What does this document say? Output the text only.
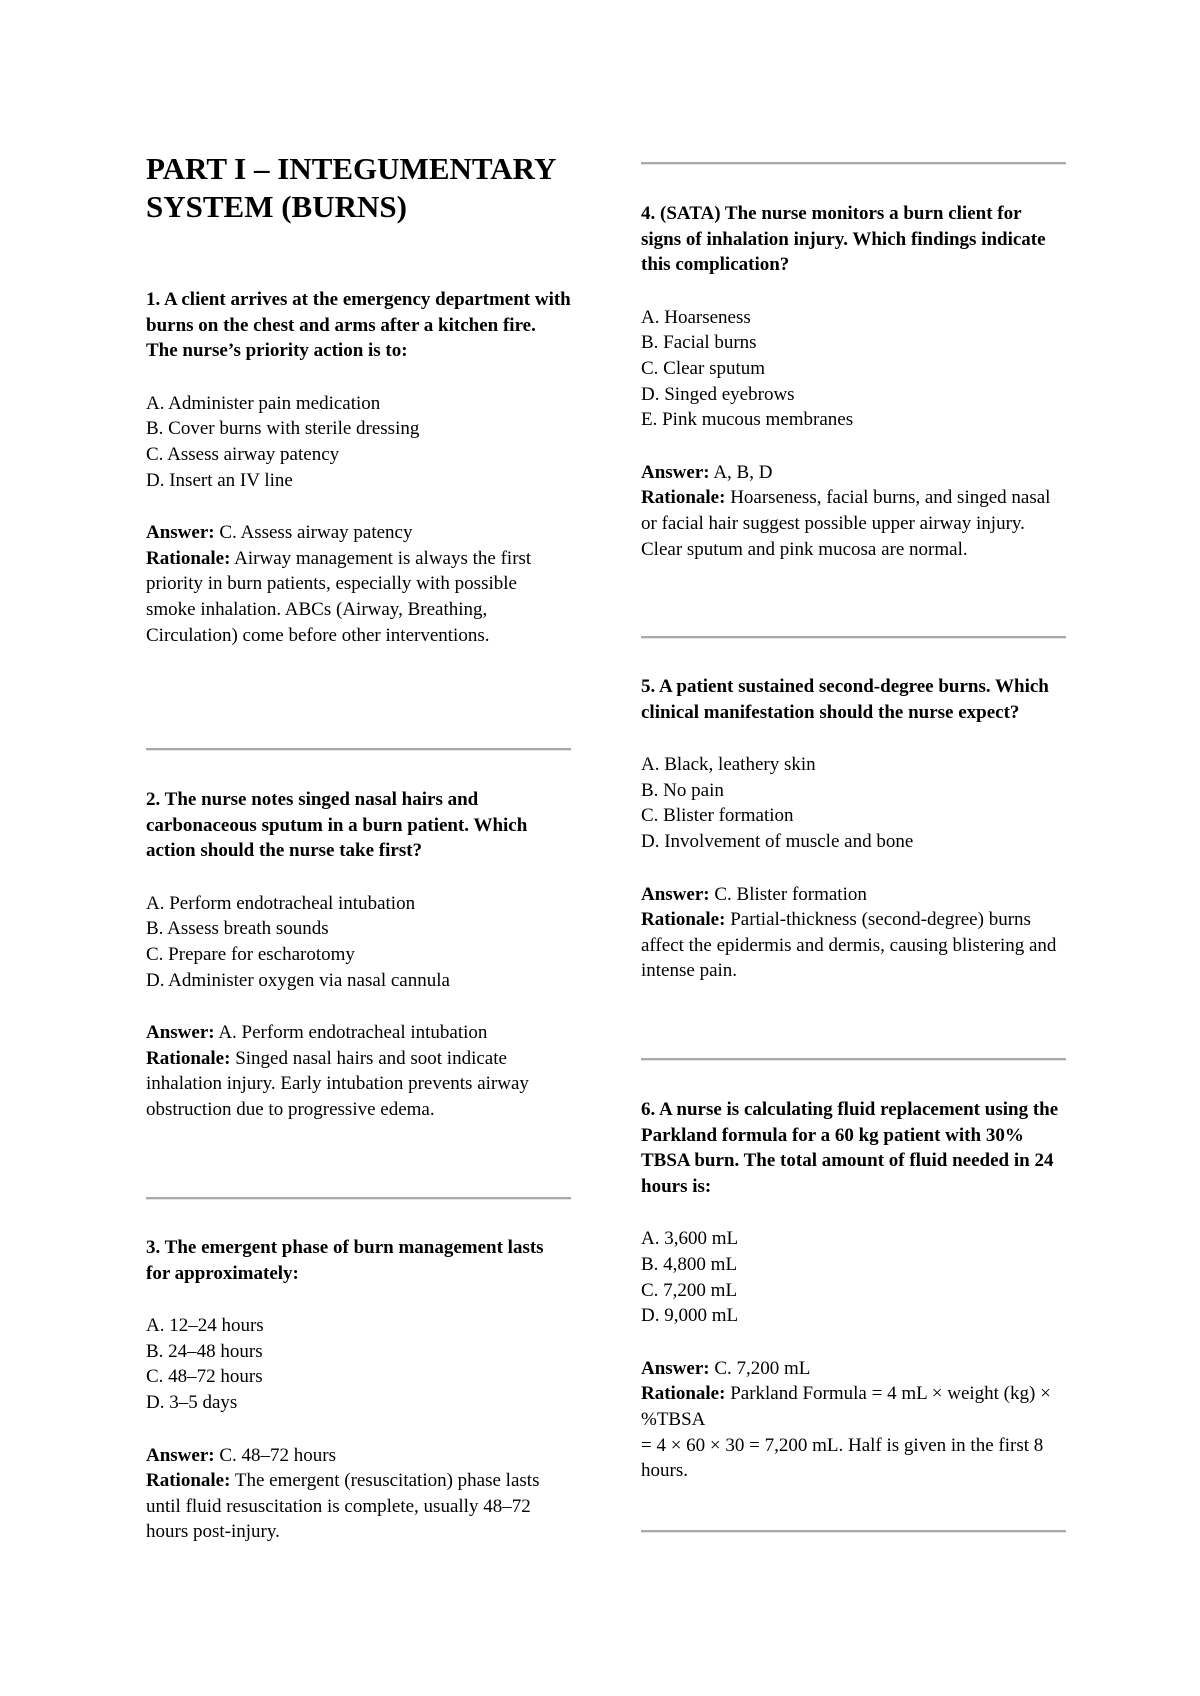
PART I – INTEGUMENTARY SYSTEM (BURNS)

1. A client arrives at the emergency department with burns on the chest and arms after a kitchen fire. The nurse’s priority action is to:

A. Administer pain medication
B. Cover burns with sterile dressing
C. Assess airway patency
D. Insert an IV line

Answer: C. Assess airway patency

Rationale: Airway management is always the first priority in burn patients, especially with possible smoke inhalation. ABCs (Airway, Breathing, Circulation) come before other interventions.

2. The nurse notes singed nasal hairs and carbonaceous sputum in a burn patient. Which action should the nurse take first?

A. Perform endotracheal intubation
B. Assess breath sounds
C. Prepare for escharotomy
D. Administer oxygen via nasal cannula

Answer: A. Perform endotracheal intubation

Rationale: Singed nasal hairs and soot indicate inhalation injury. Early intubation prevents airway obstruction due to progressive edema.

3. The emergent phase of burn management lasts for approximately:

A. 12–24 hours
B. 24–48 hours
C. 48–72 hours
D. 3–5 days

Answer: C. 48–72 hours

Rationale: The emergent (resuscitation) phase lasts until fluid resuscitation is complete, usually 48–72 hours post-injury.

4. (SATA) The nurse monitors a burn client for signs of inhalation injury. Which findings indicate this complication?

A. Hoarseness
B. Facial burns
C. Clear sputum
D. Singed eyebrows
E. Pink mucous membranes

Answer: A, B, D

Rationale: Hoarseness, facial burns, and singed nasal or facial hair suggest possible upper airway injury. Clear sputum and pink mucosa are normal.

5. A patient sustained second-degree burns. Which clinical manifestation should the nurse expect?

A. Black, leathery skin
B. No pain
C. Blister formation
D. Involvement of muscle and bone

Answer: C. Blister formation

Rationale: Partial-thickness (second-degree) burns affect the epidermis and dermis, causing blistering and intense pain.

6. A nurse is calculating fluid replacement using the Parkland formula for a 60 kg patient with 30% TBSA burn. The total amount of fluid needed in 24 hours is:

A. 3,600 mL
B. 4,800 mL
C. 7,200 mL
D. 9,000 mL

Answer: C. 7,200 mL

Rationale: Parkland Formula = 4 mL × weight (kg) × %TBSA

= 4 × 60 × 30 = 7,200 mL. Half is given in the first 8 hours.
